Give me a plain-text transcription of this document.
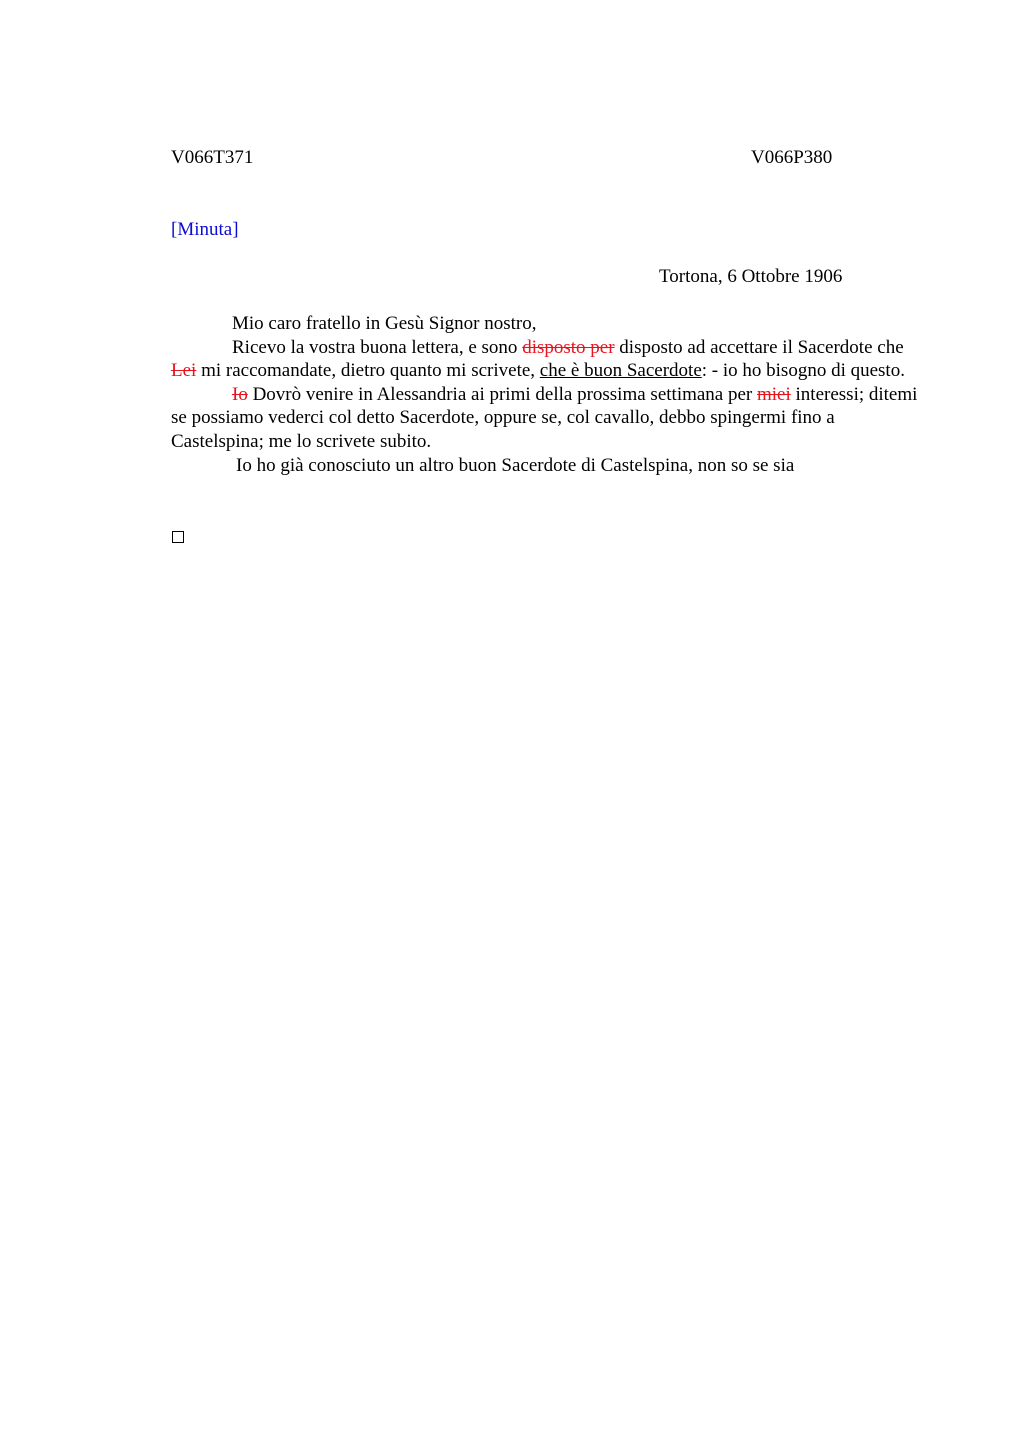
V066T371	V066P380
[Minuta]
Tortona, 6 Ottobre 1906

Mio caro fratello in Gesù Signor nostro,

Ricevo la vostra buona lettera, e sono disposto per disposto ad accettare il Sacerdote che Lei mi raccomandate, dietro quanto mi scrivete, che è buon Sacerdote: - io ho bisogno di questo.

Io Dovrò venire in Alessandria ai primi della prossima settimana per miei interessi; ditemi se possiamo vederci col detto Sacerdote, oppure se, col cavallo, debbo spingermi fino a Castelspina; me lo scrivete subito.

Io ho già conosciuto un altro buon Sacerdote di Castelspina, non so se sia
